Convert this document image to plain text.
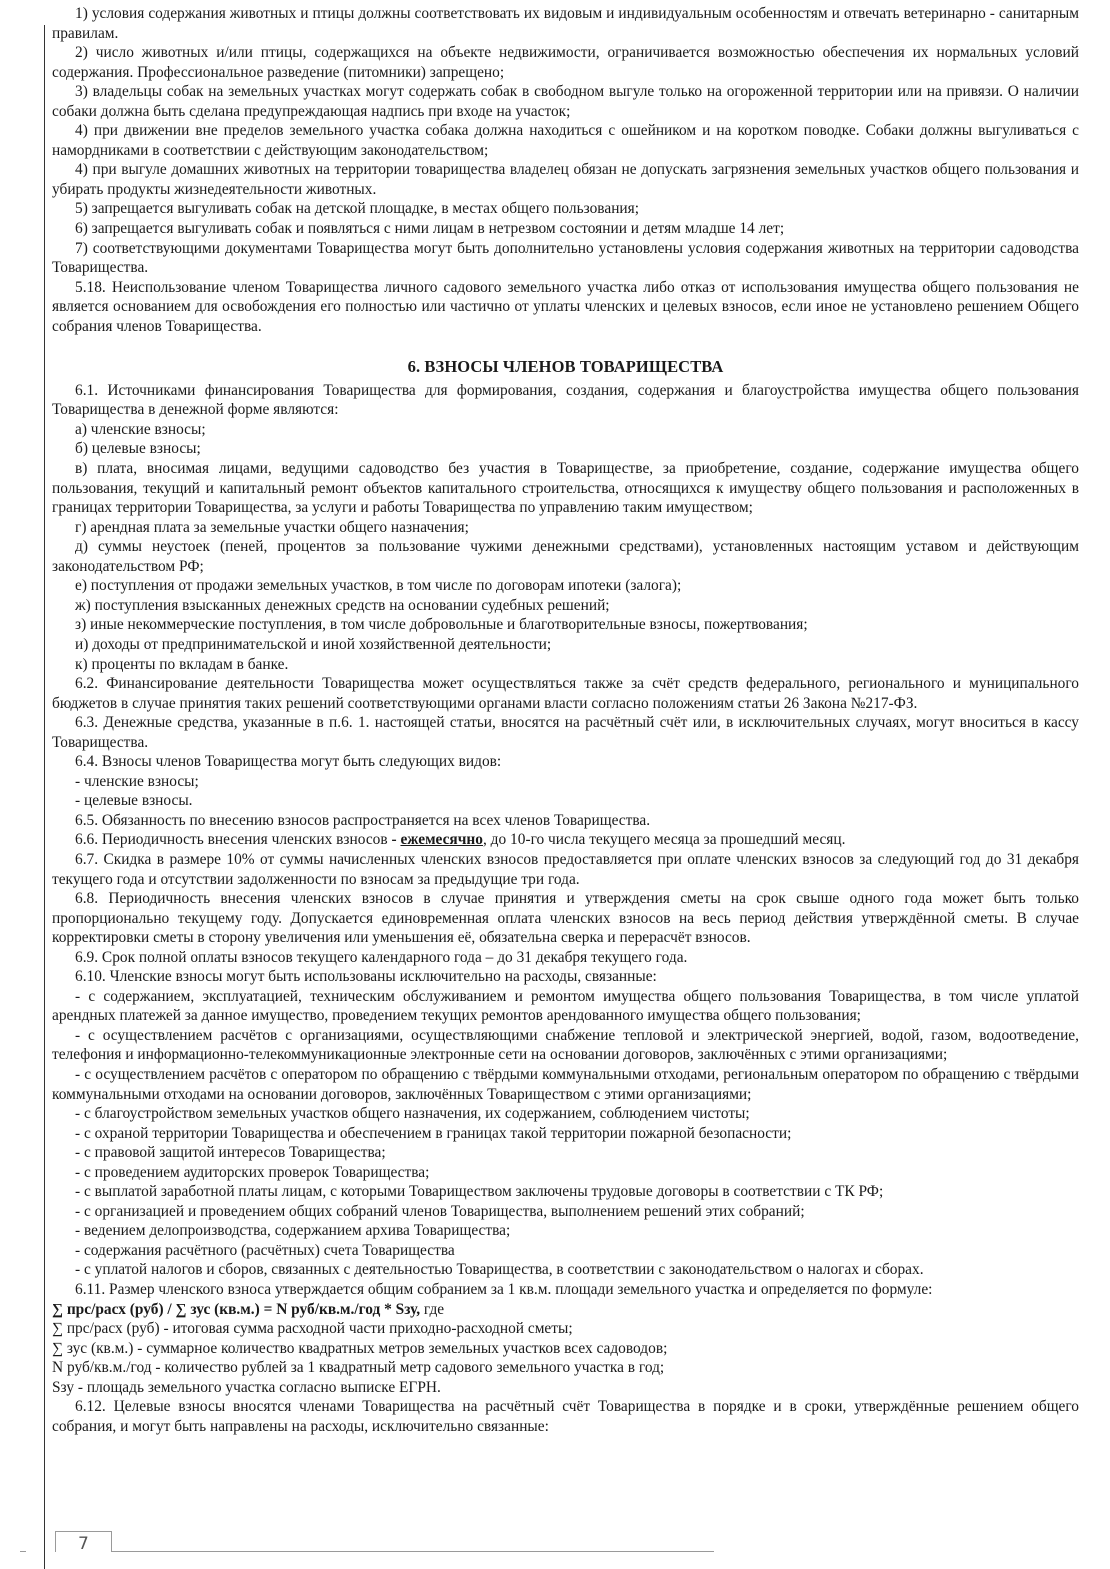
1) условия содержания животных и птицы должны соответствовать их видовым и индивидуальным особенностям и отвечать ветеринарно - санитарным правилам.

2) число животных и/или птицы, содержащихся на объекте недвижимости, ограничивается возможностью обеспечения их нормальных условий содержания. Профессиональное разведение (питомники) запрещено;

3) владельцы собак на земельных участках могут содержать собак в свободном выгуле только на огороженной территории или на привязи. О наличии собаки должна быть сделана предупреждающая надпись при входе на участок;

4) при движении вне пределов земельного участка собака должна находиться с ошейником и на коротком поводке. Собаки должны выгуливаться с намордниками в соответствии с действующим законодательством;

4) при выгуле домашних животных на территории товарищества владелец обязан не допускать загрязнения земельных участков общего пользования и убирать продукты жизнедеятельности животных.

5) запрещается выгуливать собак на детской площадке, в местах общего пользования;

6) запрещается выгуливать собак и появляться с ними лицам в нетрезвом состоянии и детям младше 14 лет;

7) соответствующими документами Товарищества могут быть дополнительно установлены условия содержания животных на территории садоводства Товарищества.

5.18. Неиспользование членом Товарищества личного садового земельного участка либо отказ от использования имущества общего пользования не является основанием для освобождения его полностью или частично от уплаты членских и целевых взносов, если иное не установлено решением Общего собрания членов Товарищества.

6. ВЗНОСЫ ЧЛЕНОВ ТОВАРИЩЕСТВА

6.1. Источниками финансирования Товарищества для формирования, создания, содержания и благоустройства имущества общего пользования Товарищества в денежной форме являются:

а) членские взносы;

б) целевые взносы;

в) плата, вносимая лицами, ведущими садоводство без участия в Товариществе, за приобретение, создание, содержание имущества общего пользования, текущий и капитальный ремонт объектов капитального строительства, относящихся к имуществу общего пользования и расположенных в границах территории Товарищества, за услуги и работы Товарищества по управлению таким имуществом;

г) арендная плата за земельные участки общего назначения;

д) суммы неустоек (пеней, процентов за пользование чужими денежными средствами), установленных настоящим уставом и действующим законодательством РФ;

е) поступления от продажи земельных участков, в том числе по договорам ипотеки (залога);

ж) поступления взысканных денежных средств на основании судебных решений;

з) иные некоммерческие поступления, в том числе добровольные и благотворительные взносы, пожертвования;

и) доходы от предпринимательской и иной хозяйственной деятельности;

к) проценты по вкладам в банке.

6.2. Финансирование деятельности Товарищества может осуществляться также за счёт средств федерального, регионального и муниципального бюджетов в случае принятия таких решений соответствующими органами власти согласно положениям статьи 26 Закона №217-ФЗ.

6.3. Денежные средства, указанные в п.6. 1. настоящей статьи, вносятся на расчётный счёт или, в исключительных случаях, могут вноситься в кассу Товарищества.

6.4. Взносы членов Товарищества могут быть следующих видов:

- членские взносы;

- целевые взносы.

6.5. Обязанность по внесению взносов распространяется на всех членов Товарищества.

6.6. Периодичность внесения членских взносов - ежемесячно, до 10-го числа текущего месяца за прошедший месяц.

6.7. Скидка в размере 10% от суммы начисленных членских взносов предоставляется при оплате членских взносов за следующий год до 31 декабря текущего года и отсутствии задолженности по взносам за предыдущие три года.

6.8. Периодичность внесения членских взносов в случае принятия и утверждения сметы на срок свыше одного года может быть только пропорционально текущему году. Допускается единовременная оплата членских взносов на весь период действия утверждённой сметы. В случае корректировки сметы в сторону увеличения или уменьшения её, обязательна сверка и перерасчёт взносов.

6.9. Срок полной оплаты взносов текущего календарного года – до 31 декабря текущего года.

6.10. Членские взносы могут быть использованы исключительно на расходы, связанные:

- с содержанием, эксплуатацией, техническим обслуживанием и ремонтом имущества общего пользования Товарищества, в том числе уплатой арендных платежей за данное имущество, проведением текущих ремонтов арендованного имущества общего пользования;

- с осуществлением расчётов с организациями, осуществляющими снабжение тепловой и электрической энергией, водой, газом, водоотведение, телефония и информационно-телекоммуникационные электронные сети на основании договоров, заключённых с этими организациями;

- с осуществлением расчётов с оператором по обращению с твёрдыми коммунальными отходами, региональным оператором по обращению с твёрдыми коммунальными отходами на основании договоров, заключённых Товариществом с этими организациями;

- с благоустройством земельных участков общего назначения, их содержанием, соблюдением чистоты;

- с охраной территории Товарищества и обеспечением в границах такой территории пожарной безопасности;

- с правовой защитой интересов Товарищества;

- с проведением аудиторских проверок Товарищества;

- с выплатой заработной платы лицам, с которыми Товариществом заключены трудовые договоры в соответствии с ТК РФ;

- с организацией и проведением общих собраний членов Товарищества, выполнением решений этих собраний;

- ведением делопроизводства, содержанием архива Товарищества;

- содержания расчётного (расчётных) счета Товарищества

- с уплатой налогов и сборов, связанных с деятельностью Товарищества, в соответствии с законодательством о налогах и сборах.

6.11. Размер членского взноса утверждается общим собранием за 1 кв.м. площади земельного участка и определяется по формуле:

∑ прс/расх (руб) / ∑ зус (кв.м.) = N руб/кв.м./год * Sзу, где

∑ прс/расх (руб) - итоговая сумма расходной части приходно-расходной сметы;

∑ зус (кв.м.) - суммарное количество квадратных метров земельных участков всех садоводов;

N руб/кв.м./год - количество рублей за 1 квадратный метр садового земельного участка в год;

Sзу - площадь земельного участка согласно выписке ЕГРН.

6.12. Целевые взносы вносятся членами Товарищества на расчётный счёт Товарищества в порядке и в сроки, утверждённые решением общего собрания, и могут быть направлены на расходы, исключительно связанные:

7
